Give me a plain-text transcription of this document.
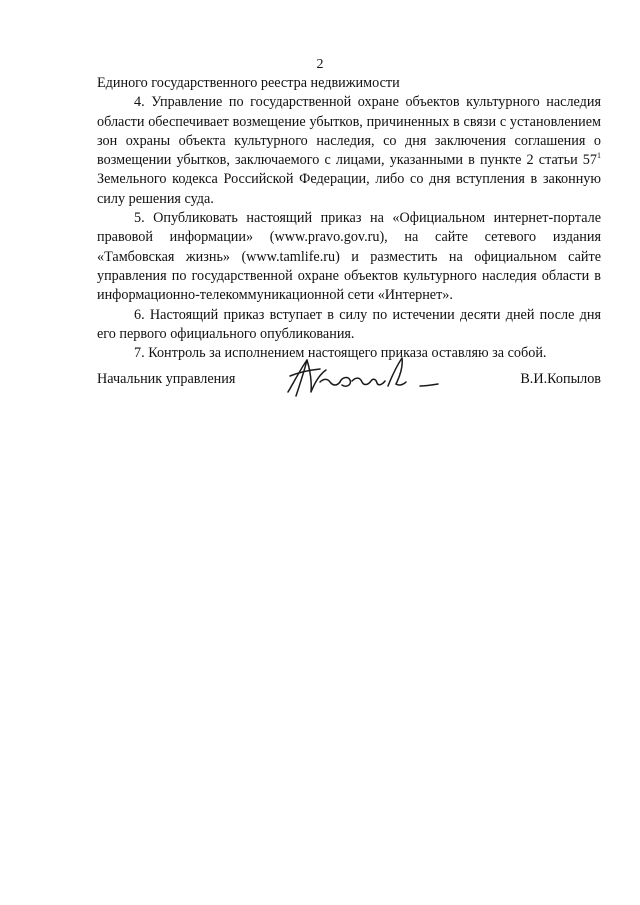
2

Единого государственного реестра недвижимости

4. Управление по государственной охране объектов культурного наследия области обеспечивает возмещение убытков, причиненных в связи с установлением зон охраны объекта культурного наследия, со дня заключения соглашения о возмещении убытков, заключаемого с лицами, указанными в пункте 2 статьи $57^1$ Земельного кодекса Российской Федерации, либо со дня вступления в законную силу решения суда.

5. Опубликовать настоящий приказ на «Официальном интернет-портале правовой информации» (www.pravo.gov.ru), на сайте сетевого издания «Тамбовская жизнь» (www.tamlife.ru) и разместить на официальном сайте управления по государственной охране объектов культурного наследия области в информационно-телекоммуникационной сети «Интернет».

6. Настоящий приказ вступает в силу по истечении десяти дней после дня его первого официального опубликования.

7. Контроль за исполнением настоящего приказа оставляю за собой.

Начальник управления	В.И.Копылов
